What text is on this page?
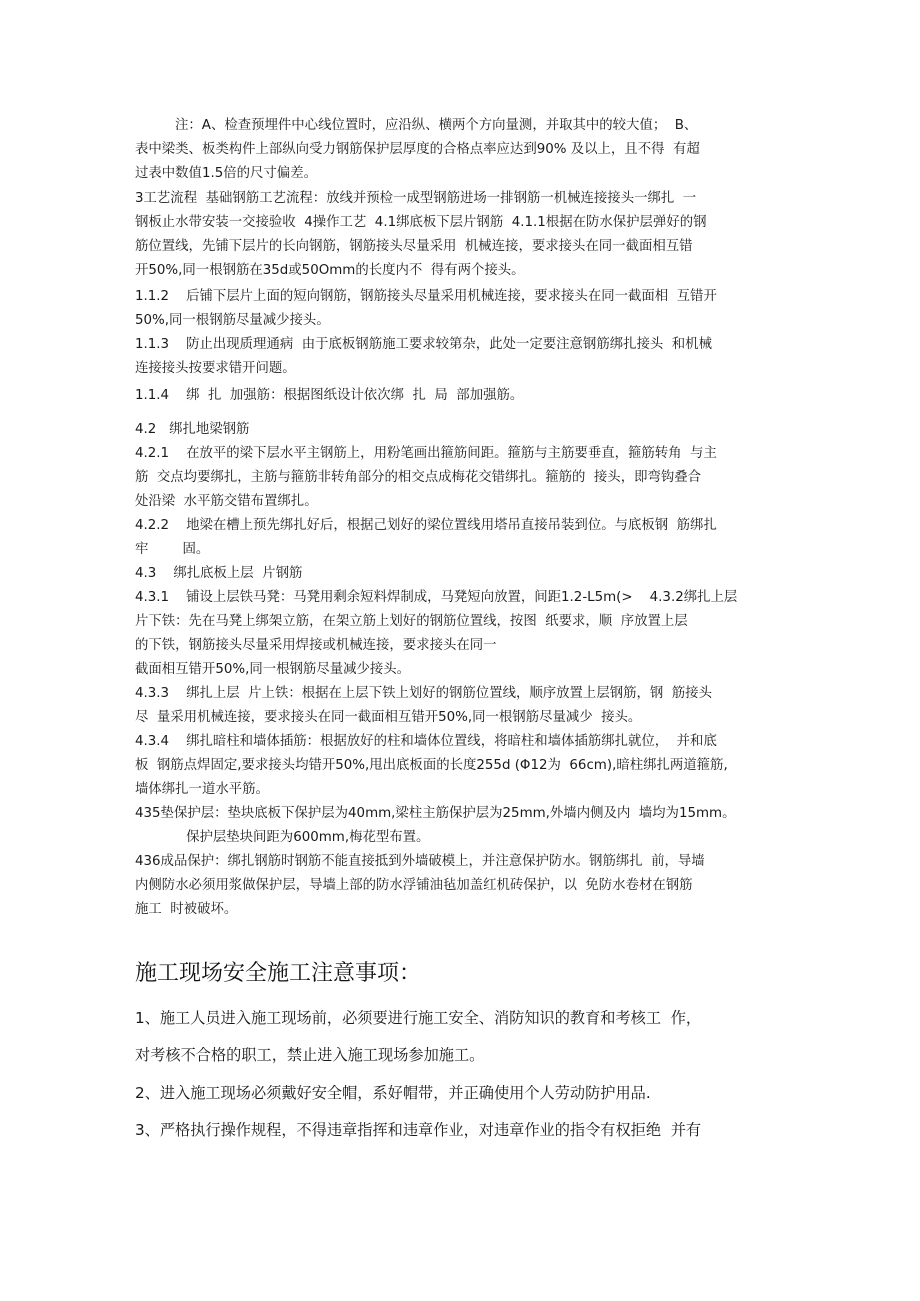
注：A、检查预埋件中心线位置时，应沿纵、横两个方向量测，并取其中的较大值；  B、
表中梁类、板类构件上部纵向受力钢筋保护层厚度的合格点率应达到90% 及以上，且不得  有超
过表中数值1.5倍的尺寸偏差。
3工艺流程  基础钢筋工艺流程：放线并预检一成型钢筋进场一排钢筋一机械连接接头一绑扎  一
钢板止水带安装一交接验收  4操作工艺  4.1绑底板下层片钢筋  4.1.1根据在防水保护层弹好的钢
筋位置线，先铺下层片的长向钢筋，钢筋接头尽量采用  机械连接，要求接头在同一截面相互错
开50%,同一根钢筋在35d或50Omm的长度内不  得有两个接头。
1.1.2    后铺下层片上面的短向钢筋，钢筋接头尽量采用机械连接，要求接头在同一截面相  互错开
50%,同一根钢筋尽量减少接头。
1.1.3    防止出现质理通病  由于底板钢筋施工要求较第杂，此处一定要注意钢筋绑扎接头  和机械
连接接头按要求错开问题。
1.1.4    绑  扎  加强筋：根据图纸设计依次绑  扎  局  部加强筋。
4.2   绑扎地梁钢筋
4.2.1    在放平的梁下层水平主钢筋上，用粉笔画出箍筋间距。箍筋与主筋要垂直，箍筋转角  与主
筋  交点均要绑扎，主筋与箍筋非转角部分的相交点成梅花交错绑扎。箍筋的  接头，即弯钩叠合
处沿梁  水平筋交错布置绑扎。
4.2.2    地梁在槽上预先绑扎好后，根据己划好的梁位置线用塔吊直接吊装到位。与底板钢  筋绑扎
牢        固。
4.3    绑扎底板上层  片钢筋
4.3.1    铺设上层铁马凳：马凳用剩余短料焊制成，马凳短向放置，间距1.2-L5m(>    4.3.2绑扎上层
片下铁：先在马凳上绑架立筋，在架立筋上划好的钢筋位置线，按图  纸要求，顺  序放置上层
的下铁，钢筋接头尽量采用焊接或机械连接，要求接头在同一
截面相互错开50%,同一根钢筋尽量减少接头。
4.3.3    绑扎上层  片上铁：根据在上层下铁上划好的钢筋位置线，顺序放置上层钢筋，钢  筋接头
尽  量采用机械连接，要求接头在同一截面相互错开50%,同一根钢筋尽量减少  接头。
4.3.4    绑扎暗柱和墙体插筋：根据放好的柱和墙体位置线，将暗柱和墙体插筋绑扎就位，  并和底
板  钢筋点焊固定,要求接头均错开50%,甩出底板面的长度255d (Φ12为  66cm),暗柱绑扎两道箍筋,
墙体绑扎一道水平筋。
435垫保护层：垫块底板下保护层为40mm,梁柱主筋保护层为25mm,外墙内侧及内  墙均为15mm。
保护层垫块间距为600mm,梅花型布置。
436成品保护：绑扎钢筋时钢筋不能直接抵到外墙破模上，并注意保护防水。钢筋绑扎  前，导墙
内侧防水必须用浆做保护层，导墙上部的防水浮铺油毡加盖红机砖保护，以  免防水卷材在钢筋
施工  时被破坏。
施工现场安全施工注意事项：
1、施工人员进入施工现场前，必须要进行施工安全、消防知识的教育和考核工  作，
对考核不合格的职工，禁止进入施工现场参加施工。
2、进入施工现场必须戴好安全帽，系好帽带，并正确使用个人劳动防护用品.
3、严格执行操作规程，不得违章指挥和违章作业，对违章作业的指令有权拒绝  并有
